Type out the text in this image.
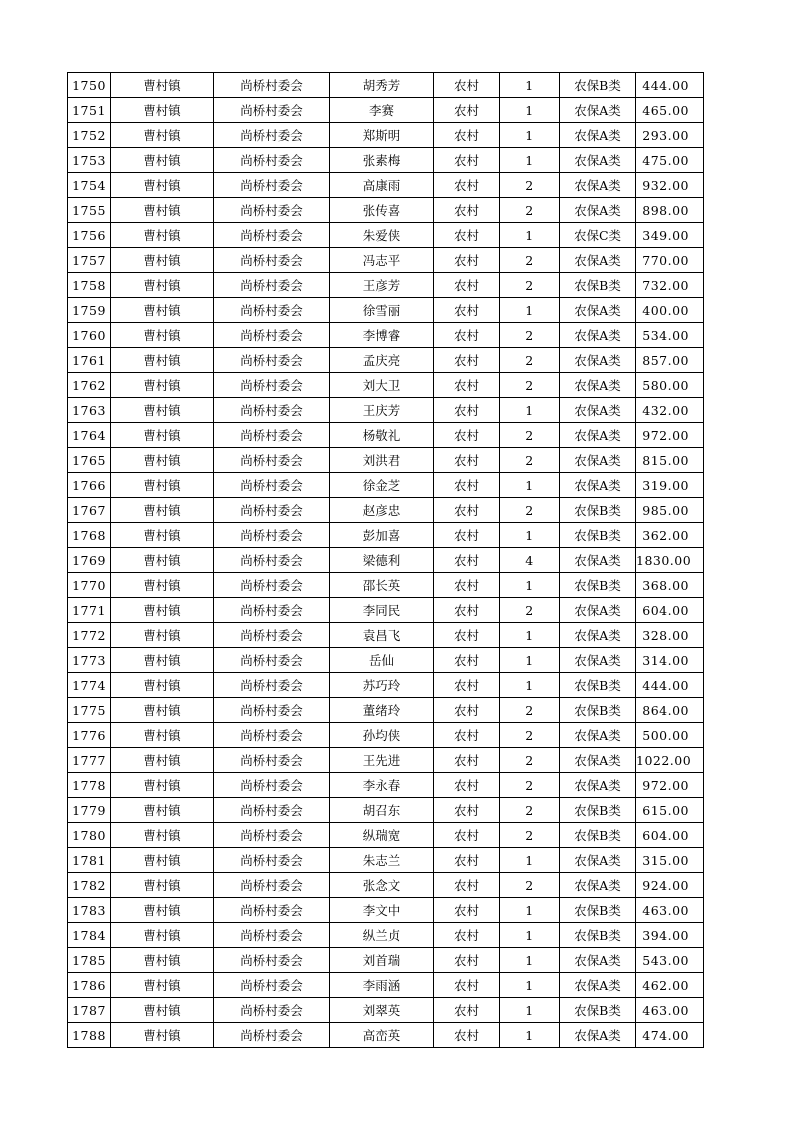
1750	曹村镇	尚桥村委会	胡秀芳	农村	1	农保B类	444.00
1751	曹村镇	尚桥村委会	李赛	农村	1	农保A类	465.00
1752	曹村镇	尚桥村委会	郑斯明	农村	1	农保A类	293.00
1753	曹村镇	尚桥村委会	张素梅	农村	1	农保A类	475.00
1754	曹村镇	尚桥村委会	高康雨	农村	2	农保A类	932.00
1755	曹村镇	尚桥村委会	张传喜	农村	2	农保A类	898.00
1756	曹村镇	尚桥村委会	朱爱侠	农村	1	农保C类	349.00
1757	曹村镇	尚桥村委会	冯志平	农村	2	农保A类	770.00
1758	曹村镇	尚桥村委会	王彦芳	农村	2	农保B类	732.00
1759	曹村镇	尚桥村委会	徐雪丽	农村	1	农保A类	400.00
1760	曹村镇	尚桥村委会	李博睿	农村	2	农保A类	534.00
1761	曹村镇	尚桥村委会	孟庆亮	农村	2	农保A类	857.00
1762	曹村镇	尚桥村委会	刘大卫	农村	2	农保A类	580.00
1763	曹村镇	尚桥村委会	王庆芳	农村	1	农保A类	432.00
1764	曹村镇	尚桥村委会	杨敬礼	农村	2	农保A类	972.00
1765	曹村镇	尚桥村委会	刘洪君	农村	2	农保A类	815.00
1766	曹村镇	尚桥村委会	徐金芝	农村	1	农保A类	319.00
1767	曹村镇	尚桥村委会	赵彦忠	农村	2	农保B类	985.00
1768	曹村镇	尚桥村委会	彭加喜	农村	1	农保B类	362.00
1769	曹村镇	尚桥村委会	梁德利	农村	4	农保A类	1830.00
1770	曹村镇	尚桥村委会	邵长英	农村	1	农保B类	368.00
1771	曹村镇	尚桥村委会	李同民	农村	2	农保A类	604.00
1772	曹村镇	尚桥村委会	袁昌飞	农村	1	农保A类	328.00
1773	曹村镇	尚桥村委会	岳仙	农村	1	农保A类	314.00
1774	曹村镇	尚桥村委会	苏巧玲	农村	1	农保B类	444.00
1775	曹村镇	尚桥村委会	董绪玲	农村	2	农保B类	864.00
1776	曹村镇	尚桥村委会	孙均侠	农村	2	农保A类	500.00
1777	曹村镇	尚桥村委会	王先进	农村	2	农保A类	1022.00
1778	曹村镇	尚桥村委会	李永春	农村	2	农保A类	972.00
1779	曹村镇	尚桥村委会	胡召东	农村	2	农保B类	615.00
1780	曹村镇	尚桥村委会	纵瑞宽	农村	2	农保B类	604.00
1781	曹村镇	尚桥村委会	朱志兰	农村	1	农保A类	315.00
1782	曹村镇	尚桥村委会	张念文	农村	2	农保A类	924.00
1783	曹村镇	尚桥村委会	李文中	农村	1	农保B类	463.00
1784	曹村镇	尚桥村委会	纵兰贞	农村	1	农保B类	394.00
1785	曹村镇	尚桥村委会	刘首瑞	农村	1	农保A类	543.00
1786	曹村镇	尚桥村委会	李雨涵	农村	1	农保A类	462.00
1787	曹村镇	尚桥村委会	刘翠英	农村	1	农保B类	463.00
1788	曹村镇	尚桥村委会	高峦英	农村	1	农保A类	474.00
